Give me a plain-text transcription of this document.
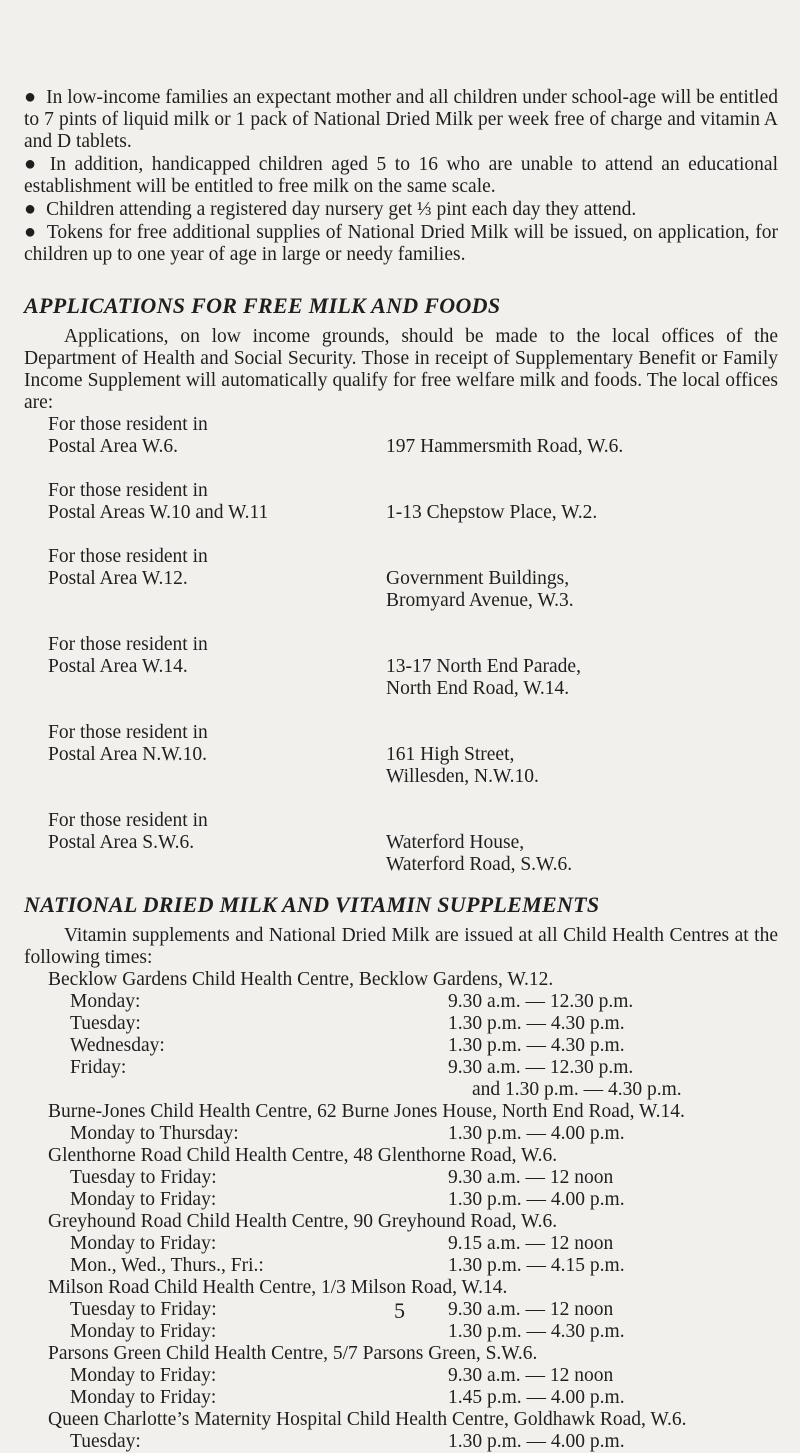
● In low-income families an expectant mother and all children under school-age will be entitled to 7 pints of liquid milk or 1 pack of National Dried Milk per week free of charge and vitamin A and D tablets.
● In addition, handicapped children aged 5 to 16 who are unable to attend an educational establishment will be entitled to free milk on the same scale.
● Children attending a registered day nursery get ⅓ pint each day they attend.
● Tokens for free additional supplies of National Dried Milk will be issued, on application, for children up to one year of age in large or needy families.
APPLICATIONS FOR FREE MILK AND FOODS
Applications, on low income grounds, should be made to the local offices of the Department of Health and Social Security. Those in receipt of Supplementary Benefit or Family Income Supplement will automatically qualify for free welfare milk and foods. The local offices are:
For those resident in
Postal Area W.6.	197 Hammersmith Road, W.6.
For those resident in
Postal Areas W.10 and W.11	1-13 Chepstow Place, W.2.
For those resident in
Postal Area W.12.	Government Buildings,
Bromyard Avenue, W.3.
For those resident in
Postal Area W.14.	13-17 North End Parade,
North End Road, W.14.
For those resident in
Postal Area N.W.10.	161 High Street,
Willesden, N.W.10.
For those resident in
Postal Area S.W.6.	Waterford House,
Waterford Road, S.W.6.
NATIONAL DRIED MILK AND VITAMIN SUPPLEMENTS
Vitamin supplements and National Dried Milk are issued at all Child Health Centres at the following times:
Becklow Gardens Child Health Centre, Becklow Gardens, W.12.
Monday:	9.30 a.m. — 12.30 p.m.
Tuesday:	1.30 p.m. — 4.30 p.m.
Wednesday:	1.30 p.m. — 4.30 p.m.
Friday:	9.30 a.m. — 12.30 p.m.
and 1.30 p.m. — 4.30 p.m.
Burne-Jones Child Health Centre, 62 Burne Jones House, North End Road, W.14.
Monday to Thursday:	1.30 p.m. — 4.00 p.m.
Glenthorne Road Child Health Centre, 48 Glenthorne Road, W.6.
Tuesday to Friday:	9.30 a.m. — 12 noon
Monday to Friday:	1.30 p.m. — 4.00 p.m.
Greyhound Road Child Health Centre, 90 Greyhound Road, W.6.
Monday to Friday:	9.15 a.m. — 12 noon
Mon., Wed., Thurs., Fri.:	1.30 p.m. — 4.15 p.m.
Milson Road Child Health Centre, 1/3 Milson Road, W.14.
Tuesday to Friday:	9.30 a.m. — 12 noon
Monday to Friday:	1.30 p.m. — 4.30 p.m.
Parsons Green Child Health Centre, 5/7 Parsons Green, S.W.6.
Monday to Friday:	9.30 a.m. — 12 noon
Monday to Friday:	1.45 p.m. — 4.00 p.m.
Queen Charlotte’s Maternity Hospital Child Health Centre, Goldhawk Road, W.6.
Tuesday:	1.30 p.m. — 4.00 p.m.
5
